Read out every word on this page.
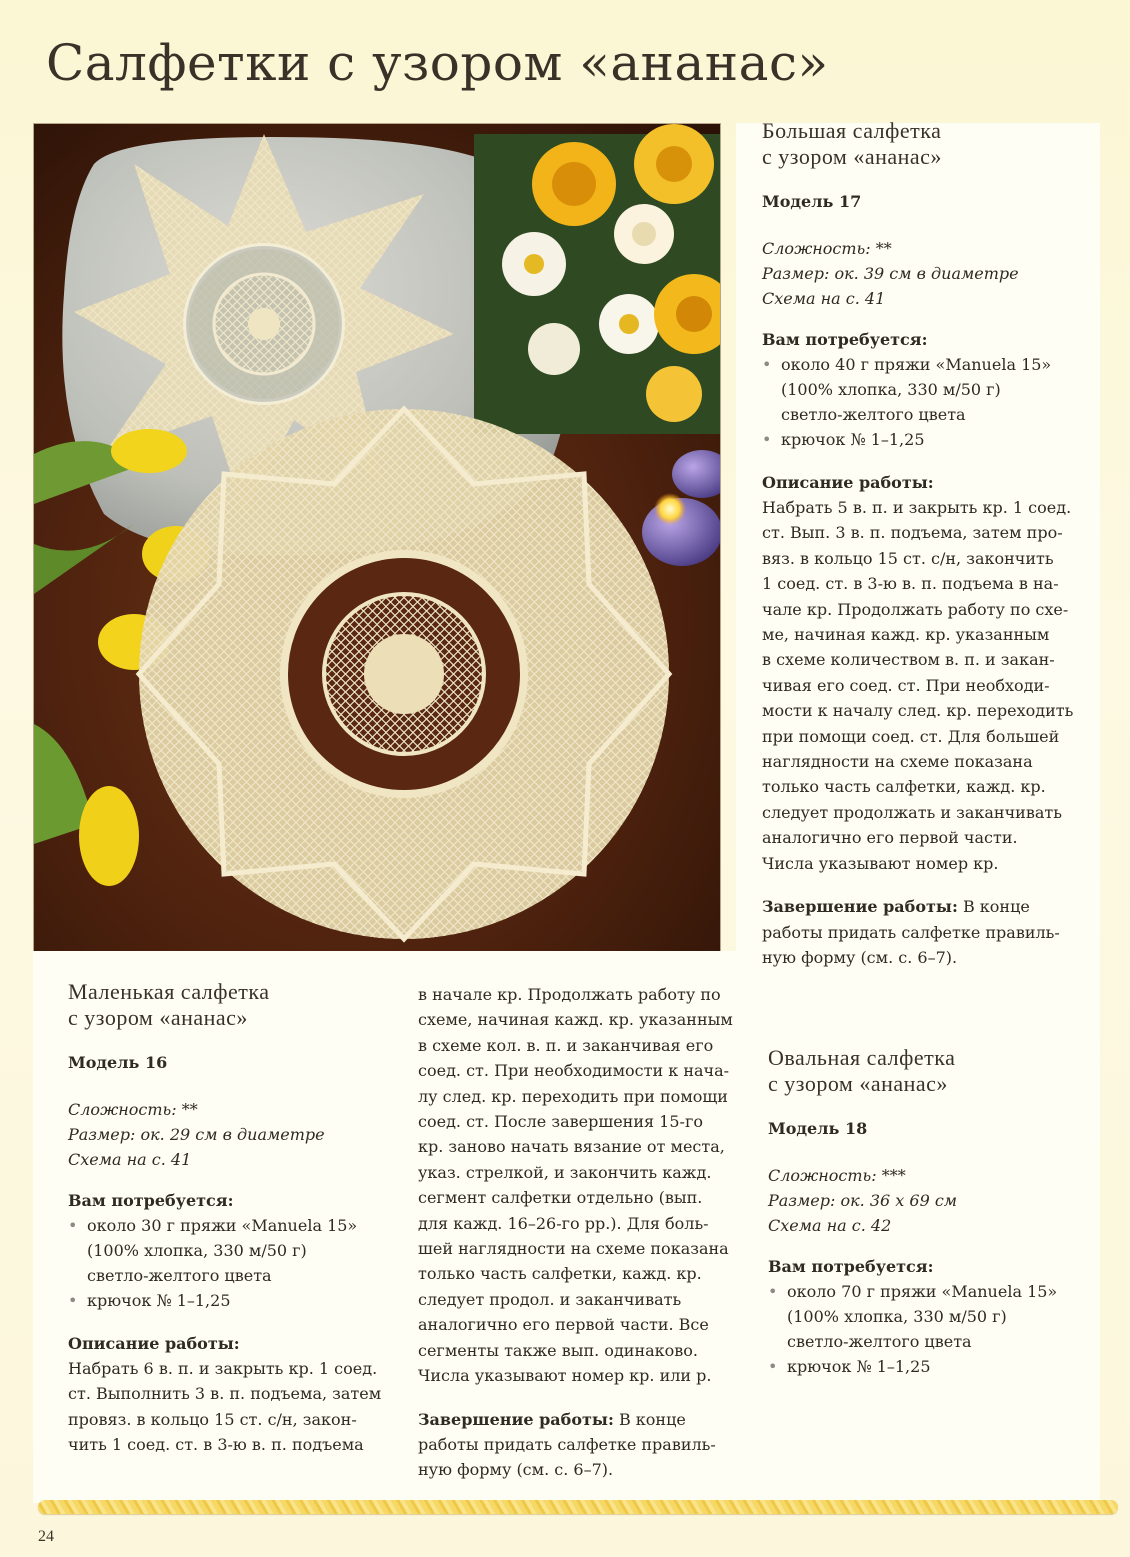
Салфетки с узором «ананас»
Большая салфетка
с узором «ананас»

Модель 17

Сложность: **
Размер: ок. 39 см в диаметре
Схема на с. 41

Вам потребуется:

• около 40 г пряжи «Manuela 15»
(100% хлопка, 330 м/50 г)
светло-желтого цвета
• крючок № 1–1,25

Описание работы:

Набрать 5 в. п. и закрыть кр. 1 соед.
ст. Вып. 3 в. п. подъема, затем про-
вяз. в кольцо 15 ст. с/н, закончить
1 соед. ст. в 3-ю в. п. подъема в на-
чале кр. Продолжать работу по схе-
ме, начиная кажд. кр. указанным
в схеме количеством в. п. и закан-
чивая его соед. ст. При необходи-
мости к началу след. кр. переходить
при помощи соед. ст. Для большей
наглядности на схеме показана
только часть салфетки, кажд. кр.
следует продолжать и заканчивать
аналогично его первой части.
Числа указывают номер кр.
Завершение работы: В конце
работы придать салфетке правиль-
ную форму (см. с. 6–7).
Маленькая салфетка
с узором «ананас»

Модель 16

Сложность: **
Размер: ок. 29 см в диаметре
Схема на с. 41

Вам потребуется:

• около 30 г пряжи «Manuela 15»
(100% хлопка, 330 м/50 г)
светло-желтого цвета
• крючок № 1–1,25

Описание работы:

Набрать 6 в. п. и закрыть кр. 1 соед.
ст. Выполнить 3 в. п. подъема, затем
провяз. в кольцо 15 ст. с/н, закон-
чить 1 соед. ст. в 3-ю в. п. подъема
в начале кр. Продолжать работу по
схеме, начиная кажд. кр. указанным
в схеме кол. в. п. и заканчивая его
соед. ст. При необходимости к нача-
лу след. кр. переходить при помощи
соед. ст. После завершения 15-го
кр. заново начать вязание от места,
указ. стрелкой, и закончить кажд.
сегмент салфетки отдельно (вып.
для кажд. 16–26-го рр.). Для боль-
шей наглядности на схеме показана
только часть салфетки, кажд. кр.
следует продол. и заканчивать
аналогично его первой части. Все
сегменты также вып. одинаково.
Числа указывают номер кр. или р.
Завершение работы: В конце
работы придать салфетке правиль-
ную форму (см. с. 6–7).
Овальная салфетка
с узором «ананас»

Модель 18

Сложность: ***
Размер: ок. 36 х 69 см
Схема на с. 42

Вам потребуется:

• около 70 г пряжи «Manuela 15»
(100% хлопка, 330 м/50 г)
светло-желтого цвета
• крючок № 1–1,25
24
